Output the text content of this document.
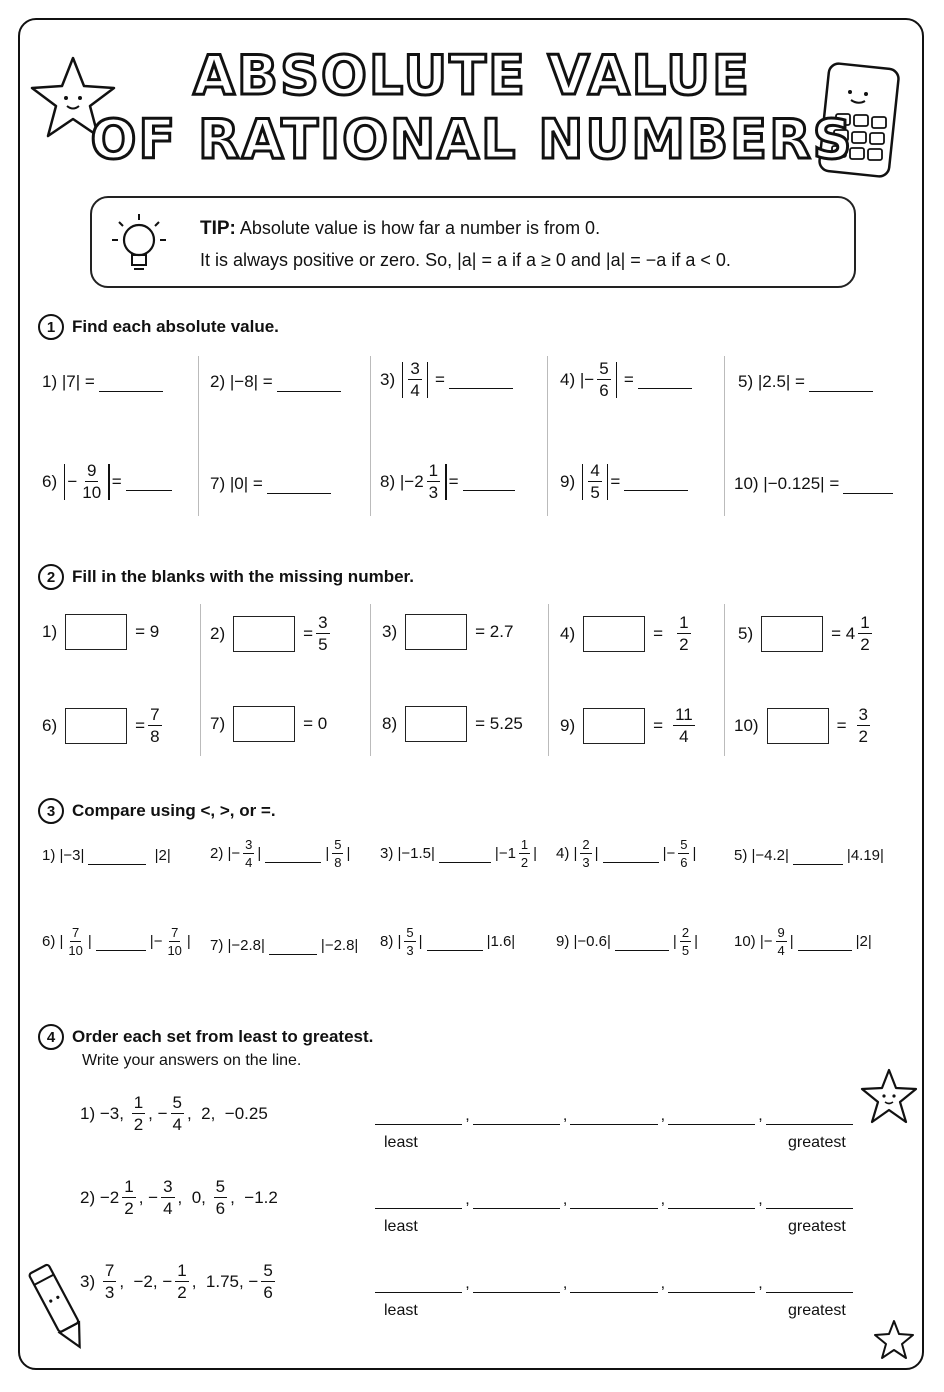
ABSOLUTE VALUE
OF RATIONAL NUMBERS
TIP: Absolute value is how far a number is from 0.
It is always positive or zero. So, |a| = a if a ≥ 0 and |a| = −a if a < 0.
1 Find each absolute value.
1) |7| =	2) |−8| =	3)
$\frac{3}{4}$ =	4) |− $\frac{5}{6}$ =	5) |2.5| =
6)
− $\frac{9}{10}$ =	7) |0| =	8) $|-2 \frac{1}{3}$ =	9)
$\frac{4}{5}$ =	10) |−0.125| =
2 Fill in the blanks with the missing number.
1)	= 9	2)	= $\frac{3}{5}$	3)	= 2.7	4)	= $\frac{1}{2}$	5)	= $4 \frac{1}{2}$
6)	= $\frac{7}{8}$	7)	= 0	8)	= 5.25 9)	= $\frac{11}{4} 10$)	= $\frac{3}{2}$
3 Compare using <, >, or =.
1) |−3|	|2|	2) |− $\frac{3}{4}$ |	| $\frac{5}{8}$ | 3) |−1.5|	$|-1 \frac{1}{2}$ | 4) | $\frac{2}{3}$ |	|− $\frac{5}{6}$ |	5) |−4.2|	|4.19|
6) | $\frac{7}{10}$ |	|− $\frac{7}{10}$ | 7) |−2.8|	|−2.8| 8) | $\frac{5}{3}$ |	|1.6|	9) |−0.6|	| $\frac{2}{5}$ | 10) |− $\frac{9}{4}$ |	|2|
4 Order each set from least to greatest.
Write your answers on the line.
1) −3, $\frac{1}{2}$ , − $\frac{5}{4}$ ,  2,  −0.25	,	,	,	,
least	greatest
$2) -2 \frac{1}{2}$ , − $\frac{3}{4}$ ,  0, $\frac{5}{6}$ ,  −1.2	,	,	,	,
least	greatest
3)
$\frac{7}{3}$ ,  −2, − $\frac{1}{2}$ ,  1.75, − $\frac{5}{6}$	,	,	,	,
least	greatest
